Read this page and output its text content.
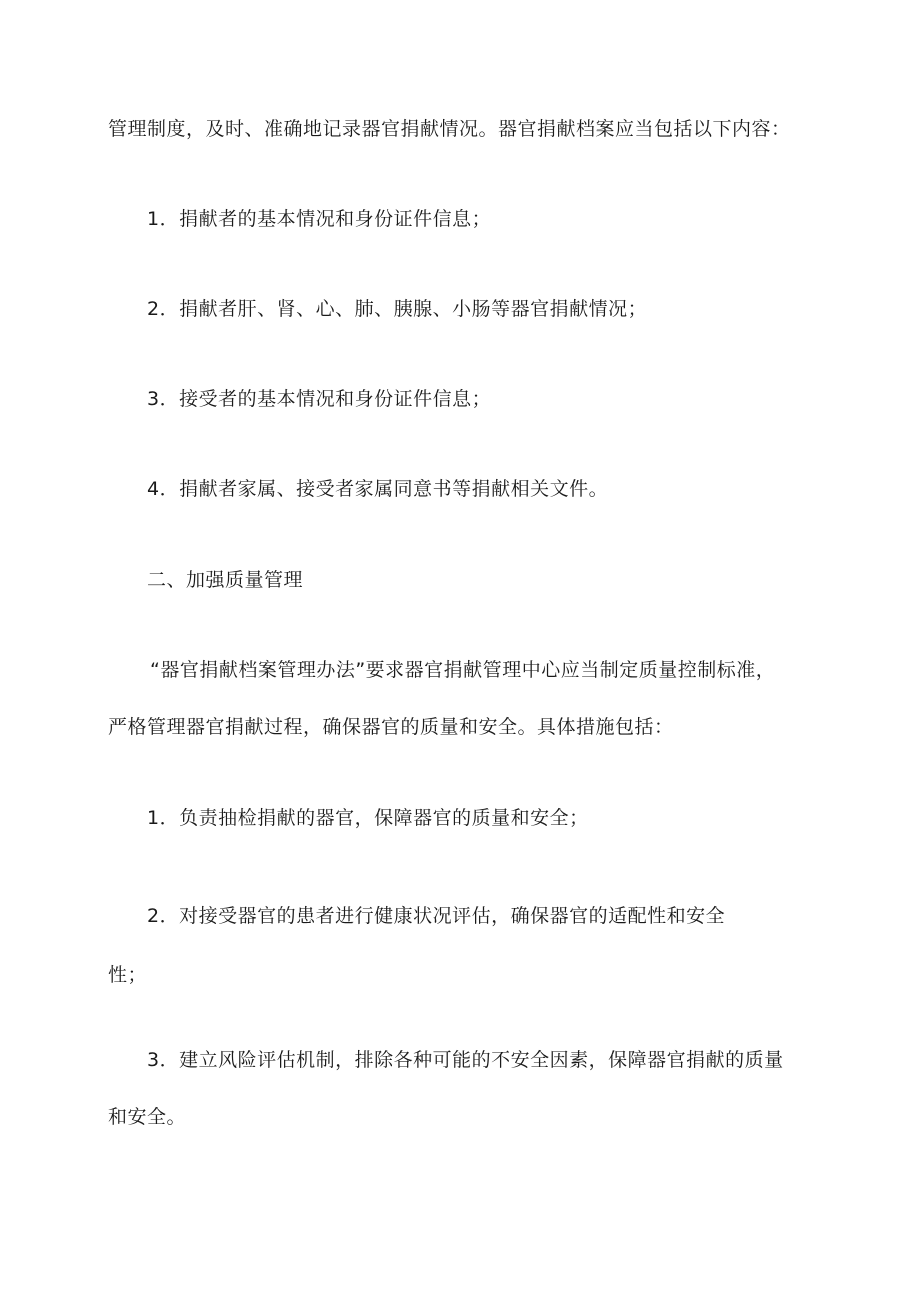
管理制度，及时、准确地记录器官捐献情况。器官捐献档案应当包括以下内容：
1．捐献者的基本情况和身份证件信息；
2．捐献者肝、肾、心、肺、胰腺、小肠等器官捐献情况；
3．接受者的基本情况和身份证件信息；
4．捐献者家属、接受者家属同意书等捐献相关文件。
二、加强质量管理
“器官捐献档案管理办法”要求器官捐献管理中心应当制定质量控制标准，
严格管理器官捐献过程，确保器官的质量和安全。具体措施包括：
1．负责抽检捐献的器官，保障器官的质量和安全；
2．对接受器官的患者进行健康状况评估，确保器官的适配性和安全
性；
3．建立风险评估机制，排除各种可能的不安全因素，保障器官捐献的质量
和安全。
